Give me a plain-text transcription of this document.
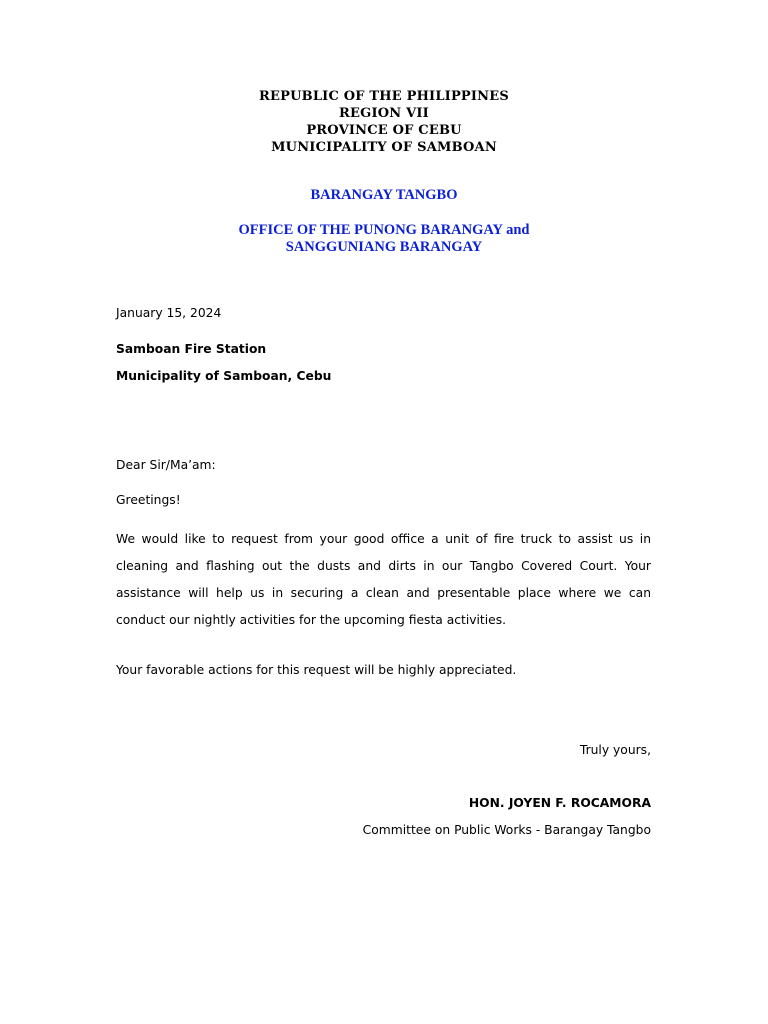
REPUBLIC OF THE PHILIPPINES
REGION VII
PROVINCE OF CEBU
MUNICIPALITY OF SAMBOAN
BARANGAY TANGBO
OFFICE OF THE PUNONG BARANGAY and
SANGGUNIANG BARANGAY
January 15, 2024
Samboan Fire Station
Municipality of Samboan, Cebu
Dear Sir/Ma’am:
Greetings!
We would like to request from your good office a unit of fire truck to assist us in cleaning and flashing out the dusts and dirts in our Tangbo Covered Court. Your assistance will help us in securing a clean and presentable place where we can conduct our nightly activities for the upcoming fiesta activities.
Your favorable actions for this request will be highly appreciated.
Truly yours,
HON. JOYEN F. ROCAMORA
Committee on Public Works - Barangay Tangbo
